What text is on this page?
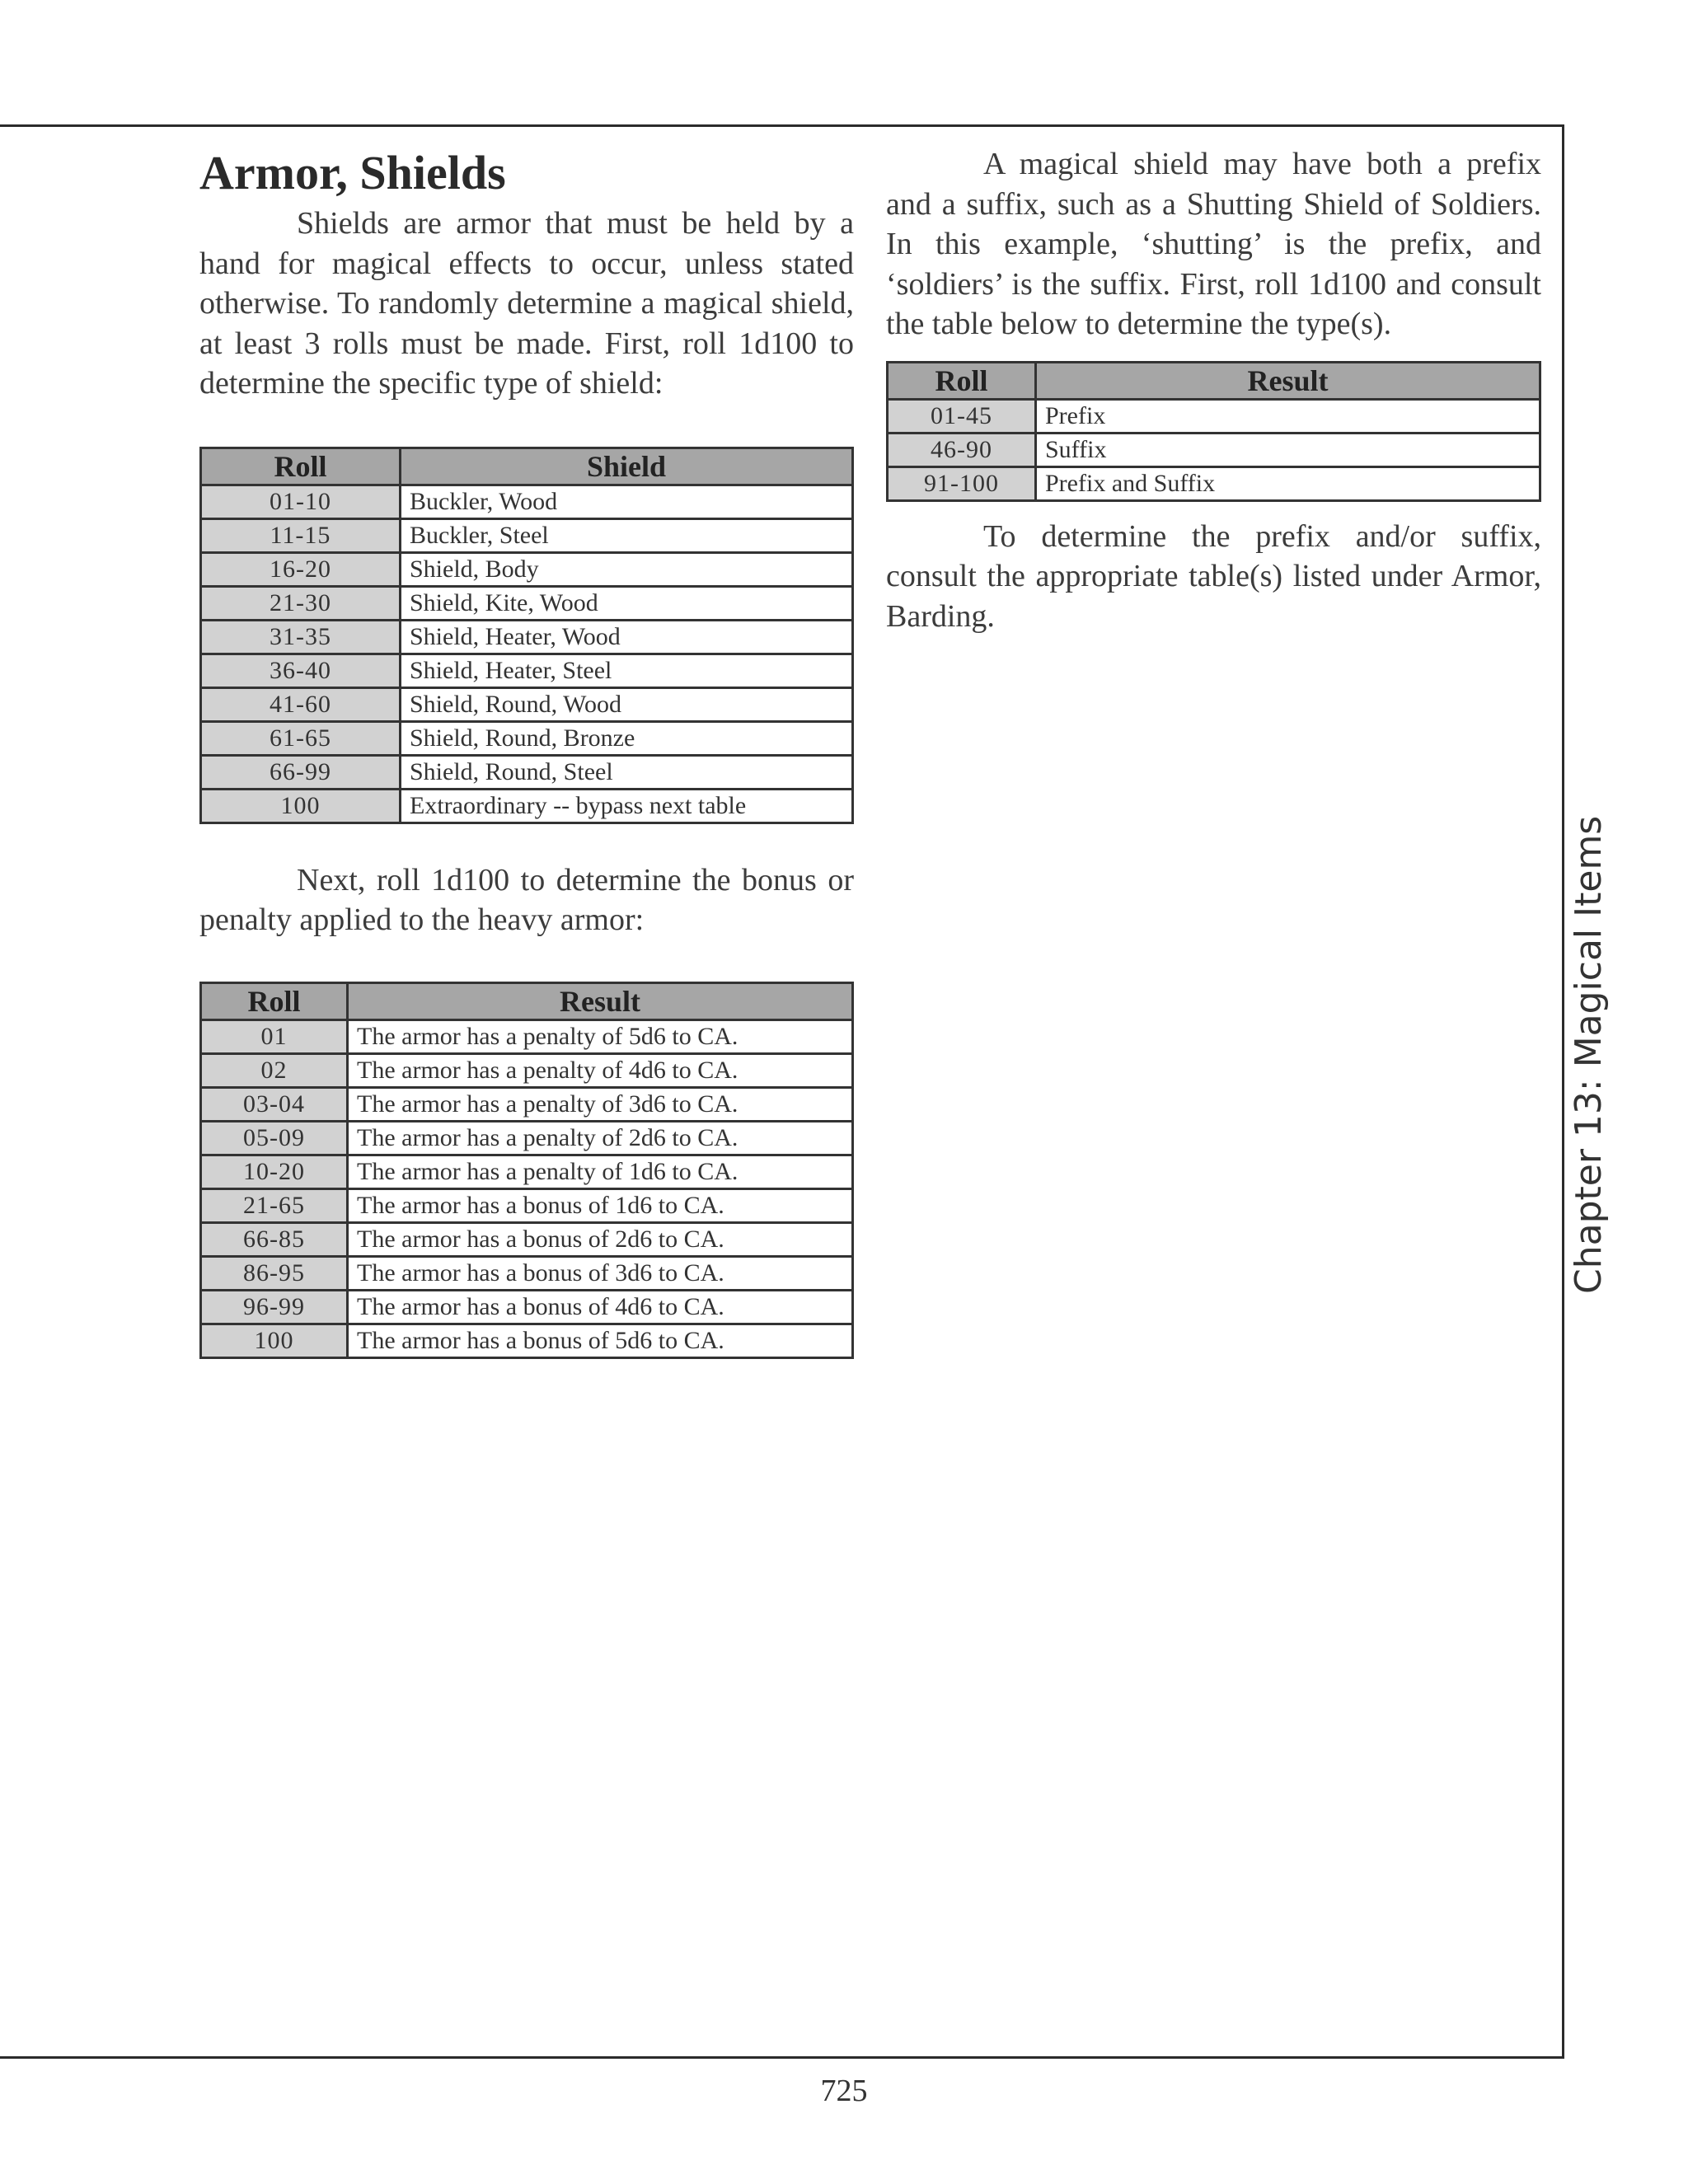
Armor, Shields

Shields are armor that must be held by a hand for magical effects to occur, unless stated otherwise. To randomly determine a magical shield, at least 3 rolls must be made. First, roll 1d100 to determine the specific type of shield:

Roll	Shield
01-10	Buckler, Wood
11-15	Buckler, Steel
16-20	Shield, Body
21-30	Shield, Kite, Wood
31-35	Shield, Heater, Wood
36-40	Shield, Heater, Steel
41-60	Shield, Round, Wood
61-65	Shield, Round, Bronze
66-99	Shield, Round, Steel
100	Extraordinary -- bypass next table

Next, roll 1d100 to determine the bonus or penalty applied to the heavy armor:

Roll	Result
01	The armor has a penalty of 5d6 to CA.
02	The armor has a penalty of 4d6 to CA.
03-04	The armor has a penalty of 3d6 to CA.
05-09	The armor has a penalty of 2d6 to CA.
10-20	The armor has a penalty of 1d6 to CA.
21-65	The armor has a bonus of 1d6 to CA.
66-85	The armor has a bonus of 2d6 to CA.
86-95	The armor has a bonus of 3d6 to CA.
96-99	The armor has a bonus of 4d6 to CA.
100	The armor has a bonus of 5d6 to CA.

A magical shield may have both a prefix and a suffix, such as a Shutting Shield of Soldiers. In this example, ‘shutting’ is the prefix, and ‘soldiers’ is the suffix. First, roll 1d100 and consult the table below to determine the type(s).

Roll	Result
01-45	Prefix
46-90	Suffix
91-100	Prefix and Suffix

To determine the prefix and/or suffix, consult the appropriate table(s) listed under Armor, Barding.

Chapter 13: Magical Items
725
